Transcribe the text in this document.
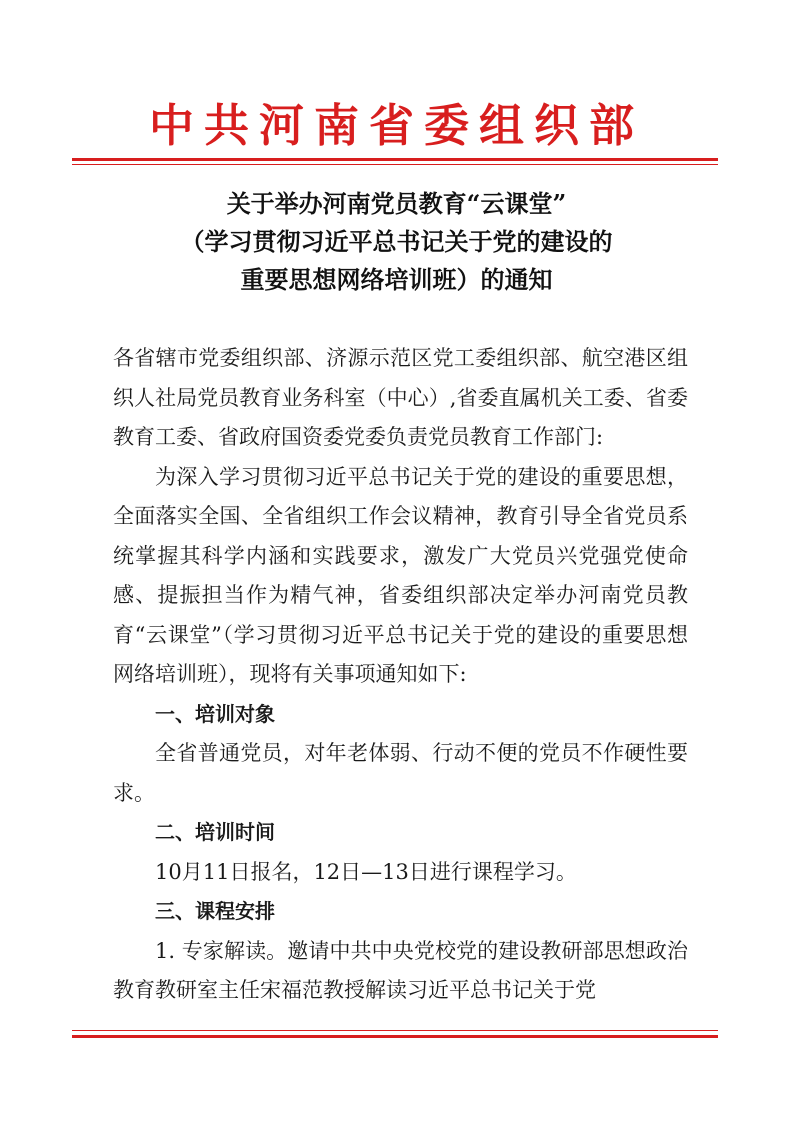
中共河南省委组织部
关于举办河南党员教育“云课堂”
（学习贯彻习近平总书记关于党的建设的
重要思想网络培训班）的通知

各省辖市党委组织部、济源示范区党工委组织部、航空港区组织人社局党员教育业务科室（中心）,省委直属机关工委、省委教育工委、省政府国资委党委负责党员教育工作部门:

为深入学习贯彻习近平总书记关于党的建设的重要思想，全面落实全国、全省组织工作会议精神，教育引导全省党员系统掌握其科学内涵和实践要求，激发广大党员兴党强党使命感、提振担当作为精气神，省委组织部决定举办河南党员教育“云课堂”（学习贯彻习近平总书记关于党的建设的重要思想网络培训班），现将有关事项通知如下:

一、培训对象

全省普通党员，对年老体弱、行动不便的党员不作硬性要求。

二、培训时间

10月11日报名，12日—13日进行课程学习。

三、课程安排

1. 专家解读。邀请中共中央党校党的建设教研部思想政治教育教研室主任宋福范教授解读习近平总书记关于党
